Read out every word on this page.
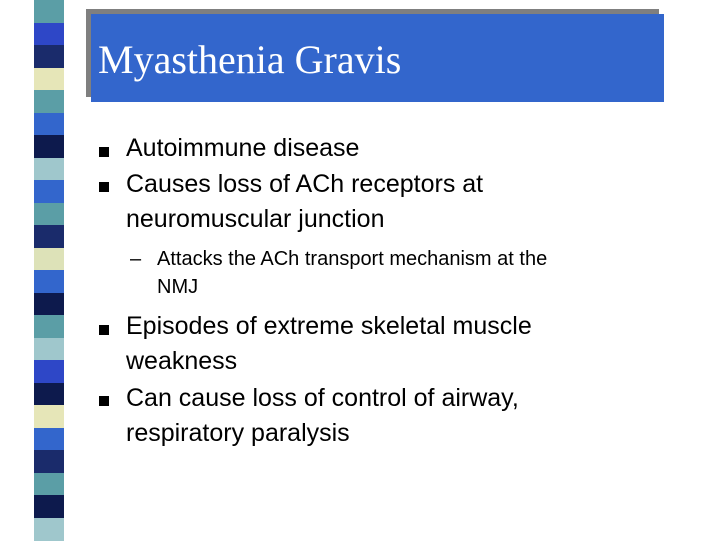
Myasthenia Gravis
Autoimmune disease
Causes loss of ACh receptors at
neuromuscular junction
– Attacks the ACh transport mechanism at the
NMJ
Episodes of extreme skeletal muscle
weakness
Can cause loss of control of airway,
respiratory paralysis
